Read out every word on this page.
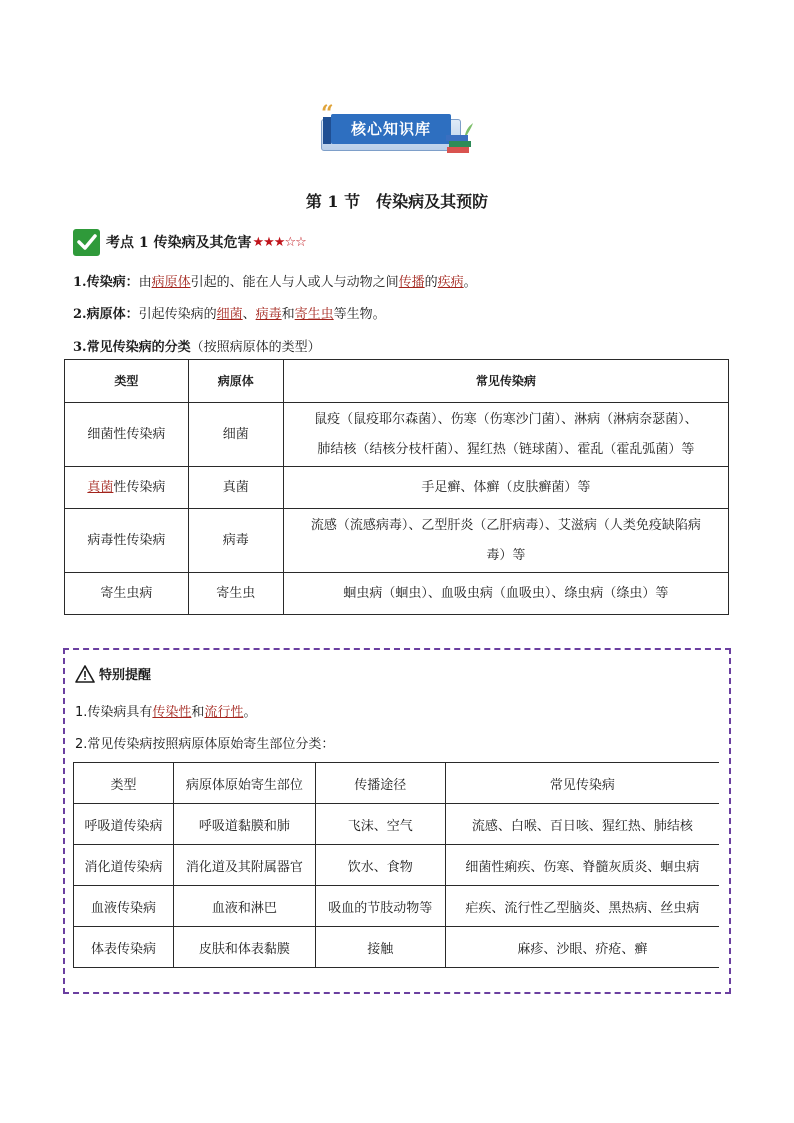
“
核心知识库
第 1 节　传染病及其预防
考点 1 传染病及其危害 ★★★☆☆
1.传染病：由病原体引起的、能在人与人或人与动物之间传播的疾病。
2.病原体：引起传染病的细菌、病毒和寄生虫等生物。
3.常见传染病的分类（按照病原体的类型）
类型	病原体	常见传染病
细菌性传染病	细菌	鼠疫（鼠疫耶尔森菌）、伤寒（伤寒沙门菌）、淋病（淋病奈瑟菌）、
肺结核（结核分枝杆菌）、猩红热（链球菌）、霍乱（霍乱弧菌）等

真菌性传染病	真菌	手足癣、体癣（皮肤癣菌）等
病毒性传染病	病毒	流感（流感病毒）、乙型肝炎（乙肝病毒）、艾滋病（人类免疫缺陷病
毒）等

寄生虫病	寄生虫	蛔虫病（蛔虫）、血吸虫病（血吸虫）、绦虫病（绦虫）等
特别提醒
1.传染病具有传染性和流行性。
2.常见传染病按照病原体原始寄生部位分类：
类型	病原体原始寄生部位	传播途径	常见传染病
呼吸道传染病	呼吸道黏膜和肺	飞沫、空气	流感、白喉、百日咳、猩红热、肺结核
消化道传染病	消化道及其附属器官	饮水、食物	细菌性痢疾、伤寒、脊髓灰质炎、蛔虫病
血液传染病	血液和淋巴	吸血的节肢动物等	疟疾、流行性乙型脑炎、黑热病、丝虫病
体表传染病	皮肤和体表黏膜	接触	麻疹、沙眼、疥疮、癣
